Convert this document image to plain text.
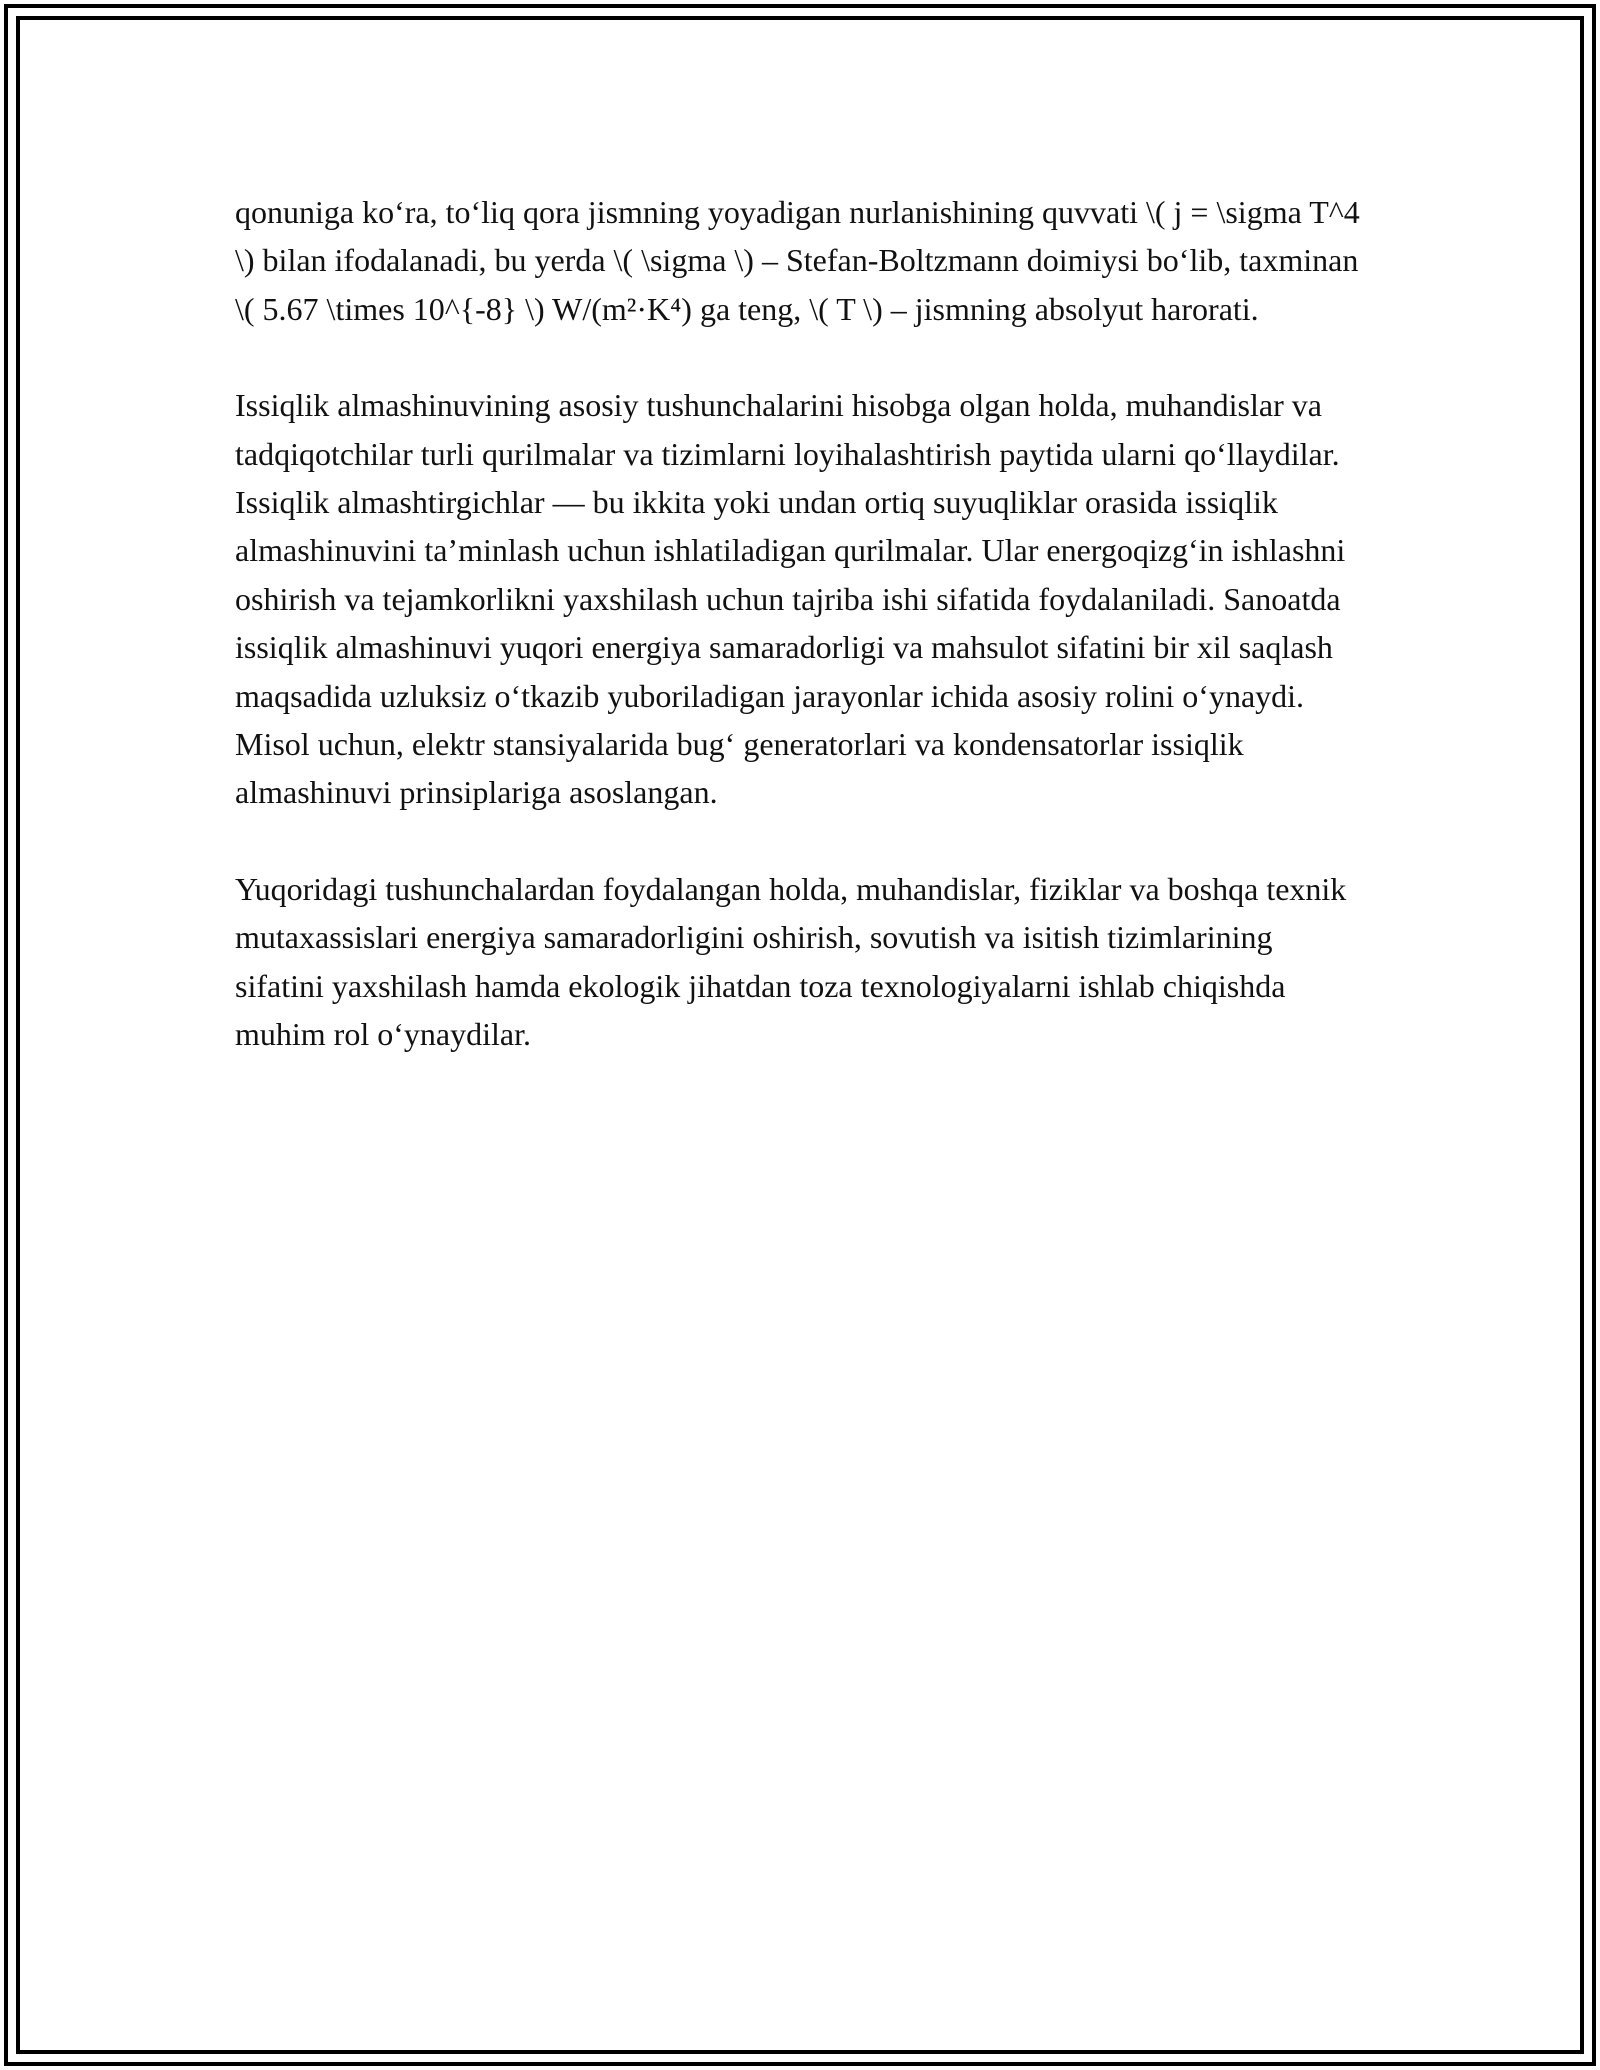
qonuniga ko‘ra, to‘liq qora jismning yoyadigan nurlanishining quvvati \( j = \sigma T^4 \) bilan ifodalanadi, bu yerda \( \sigma \) – Stefan-Boltzmann doimiysi bo‘lib, taxminan \( 5.67 \times 10^{-8} \) W/(m²·K⁴) ga teng, \( T \) – jismning absolyut harorati.

Issiqlik almashinuvining asosiy tushunchalarini hisobga olgan holda, muhandislar va tadqiqotchilar turli qurilmalar va tizimlarni loyihalashtirish paytida ularni qo‘llaydilar. Issiqlik almashtirgichlar — bu ikkita yoki undan ortiq suyuqliklar orasida issiqlik almashinuvini ta’minlash uchun ishlatiladigan qurilmalar. Ular energoqizg‘in ishlashni oshirish va tejamkorlikni yaxshilash uchun tajriba ishi sifatida foydalaniladi. Sanoatda issiqlik almashinuvi yuqori energiya samaradorligi va mahsulot sifatini bir xil saqlash maqsadida uzluksiz o‘tkazib yuboriladigan jarayonlar ichida asosiy rolini o‘ynaydi. Misol uchun, elektr stansiyalarida bug‘ generatorlari va kondensatorlar issiqlik almashinuvi prinsiplariga asoslangan.

Yuqoridagi tushunchalardan foydalangan holda, muhandislar, fiziklar va boshqa texnik mutaxassislari energiya samaradorligini oshirish, sovutish va isitish tizimlarining sifatini yaxshilash hamda ekologik jihatdan toza texnologiyalarni ishlab chiqishda muhim rol o‘ynaydilar.
